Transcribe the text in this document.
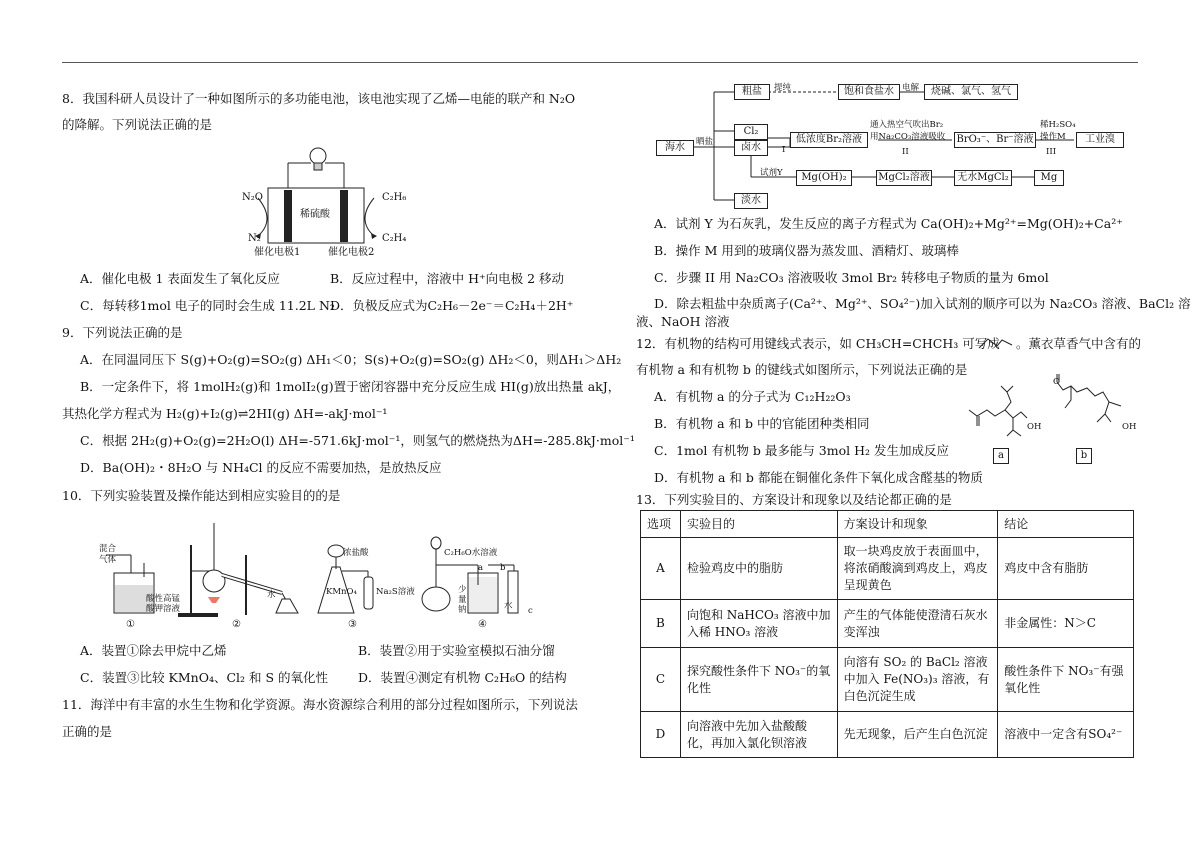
8．我国科研人员设计了一种如图所示的多功能电池，该电池实现了乙烯—电能的联产和 N₂O
的降解。下列说法正确的是
N₂O
N₂
C₂H₆
C₂H₄
稀硫酸
催化电极1	催化电极2
A．催化电极 1 表面发生了氧化反应	B．反应过程中，溶液中 H⁺向电极 2 移动
C．每转移1mol 电子的同时会生成 11.2L N₂
D．负极反应式为C₂H₆－2e⁻＝C₂H₄＋2H⁺
9．下列说法正确的是
A．在同温同压下 S(g)+O₂(g)=SO₂(g) ΔH₁＜0；S(s)+O₂(g)=SO₂(g) ΔH₂＜0，则ΔH₁＞ΔH₂
B．一定条件下，将 1molH₂(g)和 1molI₂(g)置于密闭容器中充分反应生成 HI(g)放出热量 akJ，
其热化学方程式为 H₂(g)+I₂(g)⇌2HI(g) ΔH=-akJ·mol⁻¹
C．根据 2H₂(g)+O₂(g)=2H₂O(l) ΔH=-571.6kJ·mol⁻¹，则氢气的燃烧热为ΔH=-285.8kJ·mol⁻¹
D．Ba(OH)₂・8H₂O 与 NH₄Cl 的反应不需要加热，是放热反应
10．下列实验装置及操作能达到相应实验目的的是
混合
气体
酸性高锰
酸钾溶液
水
浓盐酸
KMnO₄ Na₂S溶液
C₂H₆O水溶液
少
量
钠	水
a b
c
①	②	③	④
A．装置①除去甲烷中乙烯	B．装置②用于实验室模拟石油分馏
C．装置③比较 KMnO₄、Cl₂ 和 S 的氧化性 D．装置④测定有机物 C₂H₆O 的结构
11．海洋中有丰富的水生生物和化学资源。海水资源综合利用的部分过程如图所示，下列说法
正确的是
海水	晒盐
粗盐	提纯	饱和食盐水 电解	烧碱、氯气、氢气
Cl₂
卤水	I
低浓度Br₂溶液
通入热空气吹出Br₂
用Na₂CO₃溶液吸收
II
BrO₃⁻、Br⁻溶液
稀H₂SO₄
操作M
III
工业溴
试剂Y	Mg(OH)₂	MgCl₂溶液	无水MgCl₂	Mg
淡水
A．试剂 Y 为石灰乳，发生反应的离子方程式为 Ca(OH)₂+Mg²⁺=Mg(OH)₂+Ca²⁺
B．操作 M 用到的玻璃仪器为蒸发皿、酒精灯、玻璃棒
C．步骤 II 用 Na₂CO₃ 溶液吸收 3mol Br₂ 转移电子物质的量为 6mol
D．除去粗盐中杂质离子(Ca²⁺、Mg²⁺、SO₄²⁻)加入试剂的顺序可以为 Na₂CO₃ 溶液、BaCl₂ 溶
液、NaOH 溶液
12．有机物的结构可用键线式表示，如 CH₃CH=CHCH₃ 可写成 。薰衣草香气中含有的
有机物 a 和有机物 b 的键线式如图所示，下列说法正确的是
A．有机物 a 的分子式为 C₁₂H₂₂O₃
B．有机物 a 和 b 中的官能团种类相同
C．1mol 有机物 b 最多能与 3mol H₂ 发生加成反应
D．有机物 a 和 b 都能在铜催化条件下氧化成含醛基的物质
O
OH	OH
a	b
13．下列实验目的、方案设计和现象以及结论都正确的是
选项	实验目的	方案设计和现象	结论
A	检验鸡皮中的脂肪	取一块鸡皮放于表面皿中，将浓硝酸滴到鸡皮上，鸡皮呈现黄色	鸡皮中含有脂肪
B	向饱和 NaHCO₃ 溶液中加入稀 HNO₃ 溶液	产生的气体能使澄清石灰水变浑浊	非金属性：N＞C
C	探究酸性条件下 NO₃⁻的氧化性	向溶有 SO₂ 的 BaCl₂ 溶液中加入 Fe(NO₃)₃ 溶液，有白色沉淀生成	酸性条件下 NO₃⁻有强氧化性
D	向溶液中先加入盐酸酸化，再加入氯化钡溶液	先无现象，后产生白色沉淀	溶液中一定含有SO₄²⁻
